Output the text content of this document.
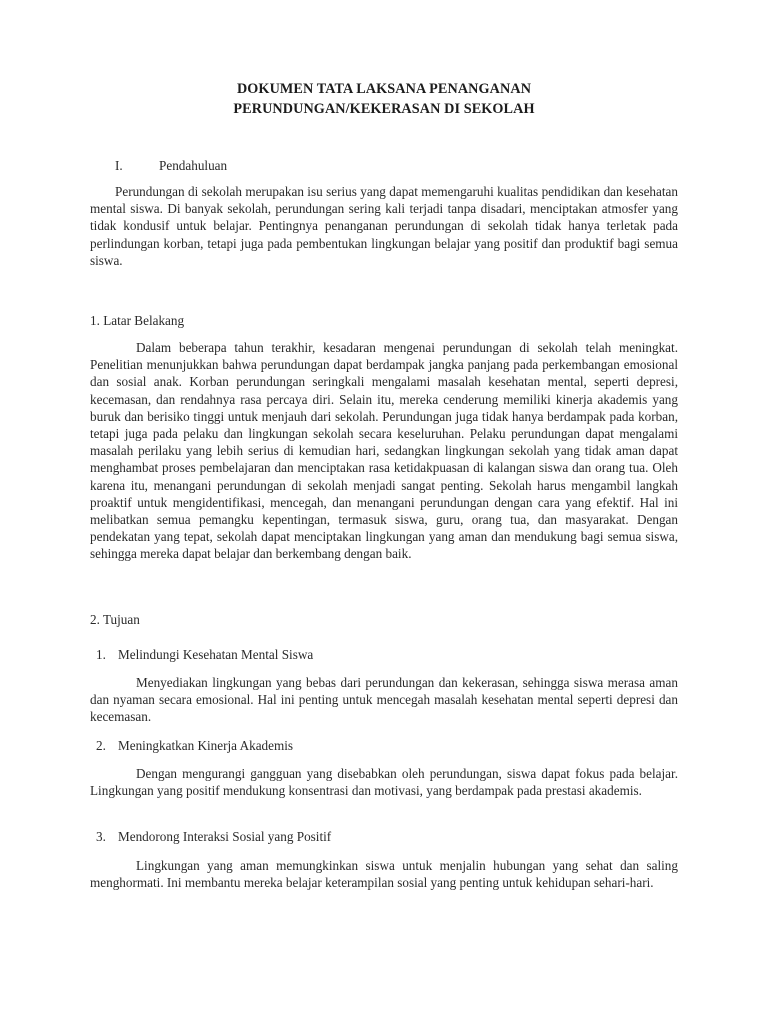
DOKUMEN TATA LAKSANA PENANGANAN
PERUNDUNGAN/KEKERASAN DI SEKOLAH
I.	Pendahuluan
Perundungan di sekolah merupakan isu serius yang dapat memengaruhi kualitas pendidikan dan kesehatan mental siswa. Di banyak sekolah, perundungan sering kali terjadi tanpa disadari, menciptakan atmosfer yang tidak kondusif untuk belajar. Pentingnya penanganan perundungan di sekolah tidak hanya terletak pada perlindungan korban, tetapi juga pada pembentukan lingkungan belajar yang positif dan produktif bagi semua siswa.
1. Latar Belakang
Dalam beberapa tahun terakhir, kesadaran mengenai perundungan di sekolah telah meningkat. Penelitian menunjukkan bahwa perundungan dapat berdampak jangka panjang pada perkembangan emosional dan sosial anak. Korban perundungan seringkali mengalami masalah kesehatan mental, seperti depresi, kecemasan, dan rendahnya rasa percaya diri. Selain itu, mereka cenderung memiliki kinerja akademis yang buruk dan berisiko tinggi untuk menjauh dari sekolah. Perundungan juga tidak hanya berdampak pada korban, tetapi juga pada pelaku dan lingkungan sekolah secara keseluruhan. Pelaku perundungan dapat mengalami masalah perilaku yang lebih serius di kemudian hari, sedangkan lingkungan sekolah yang tidak aman dapat menghambat proses pembelajaran dan menciptakan rasa ketidakpuasan di kalangan siswa dan orang tua. Oleh karena itu, menangani perundungan di sekolah menjadi sangat penting. Sekolah harus mengambil langkah proaktif untuk mengidentifikasi, mencegah, dan menangani perundungan dengan cara yang efektif. Hal ini melibatkan semua pemangku kepentingan, termasuk siswa, guru, orang tua, dan masyarakat. Dengan pendekatan yang tepat, sekolah dapat menciptakan lingkungan yang aman dan mendukung bagi semua siswa, sehingga mereka dapat belajar dan berkembang dengan baik.
2. Tujuan
1. Melindungi Kesehatan Mental Siswa
Menyediakan lingkungan yang bebas dari perundungan dan kekerasan, sehingga siswa merasa aman dan nyaman secara emosional. Hal ini penting untuk mencegah masalah kesehatan mental seperti depresi dan kecemasan.
2. Meningkatkan Kinerja Akademis
Dengan mengurangi gangguan yang disebabkan oleh perundungan, siswa dapat fokus pada belajar. Lingkungan yang positif mendukung konsentrasi dan motivasi, yang berdampak pada prestasi akademis.
3. Mendorong Interaksi Sosial yang Positif
Lingkungan yang aman memungkinkan siswa untuk menjalin hubungan yang sehat dan saling menghormati. Ini membantu mereka belajar keterampilan sosial yang penting untuk kehidupan sehari-hari.
